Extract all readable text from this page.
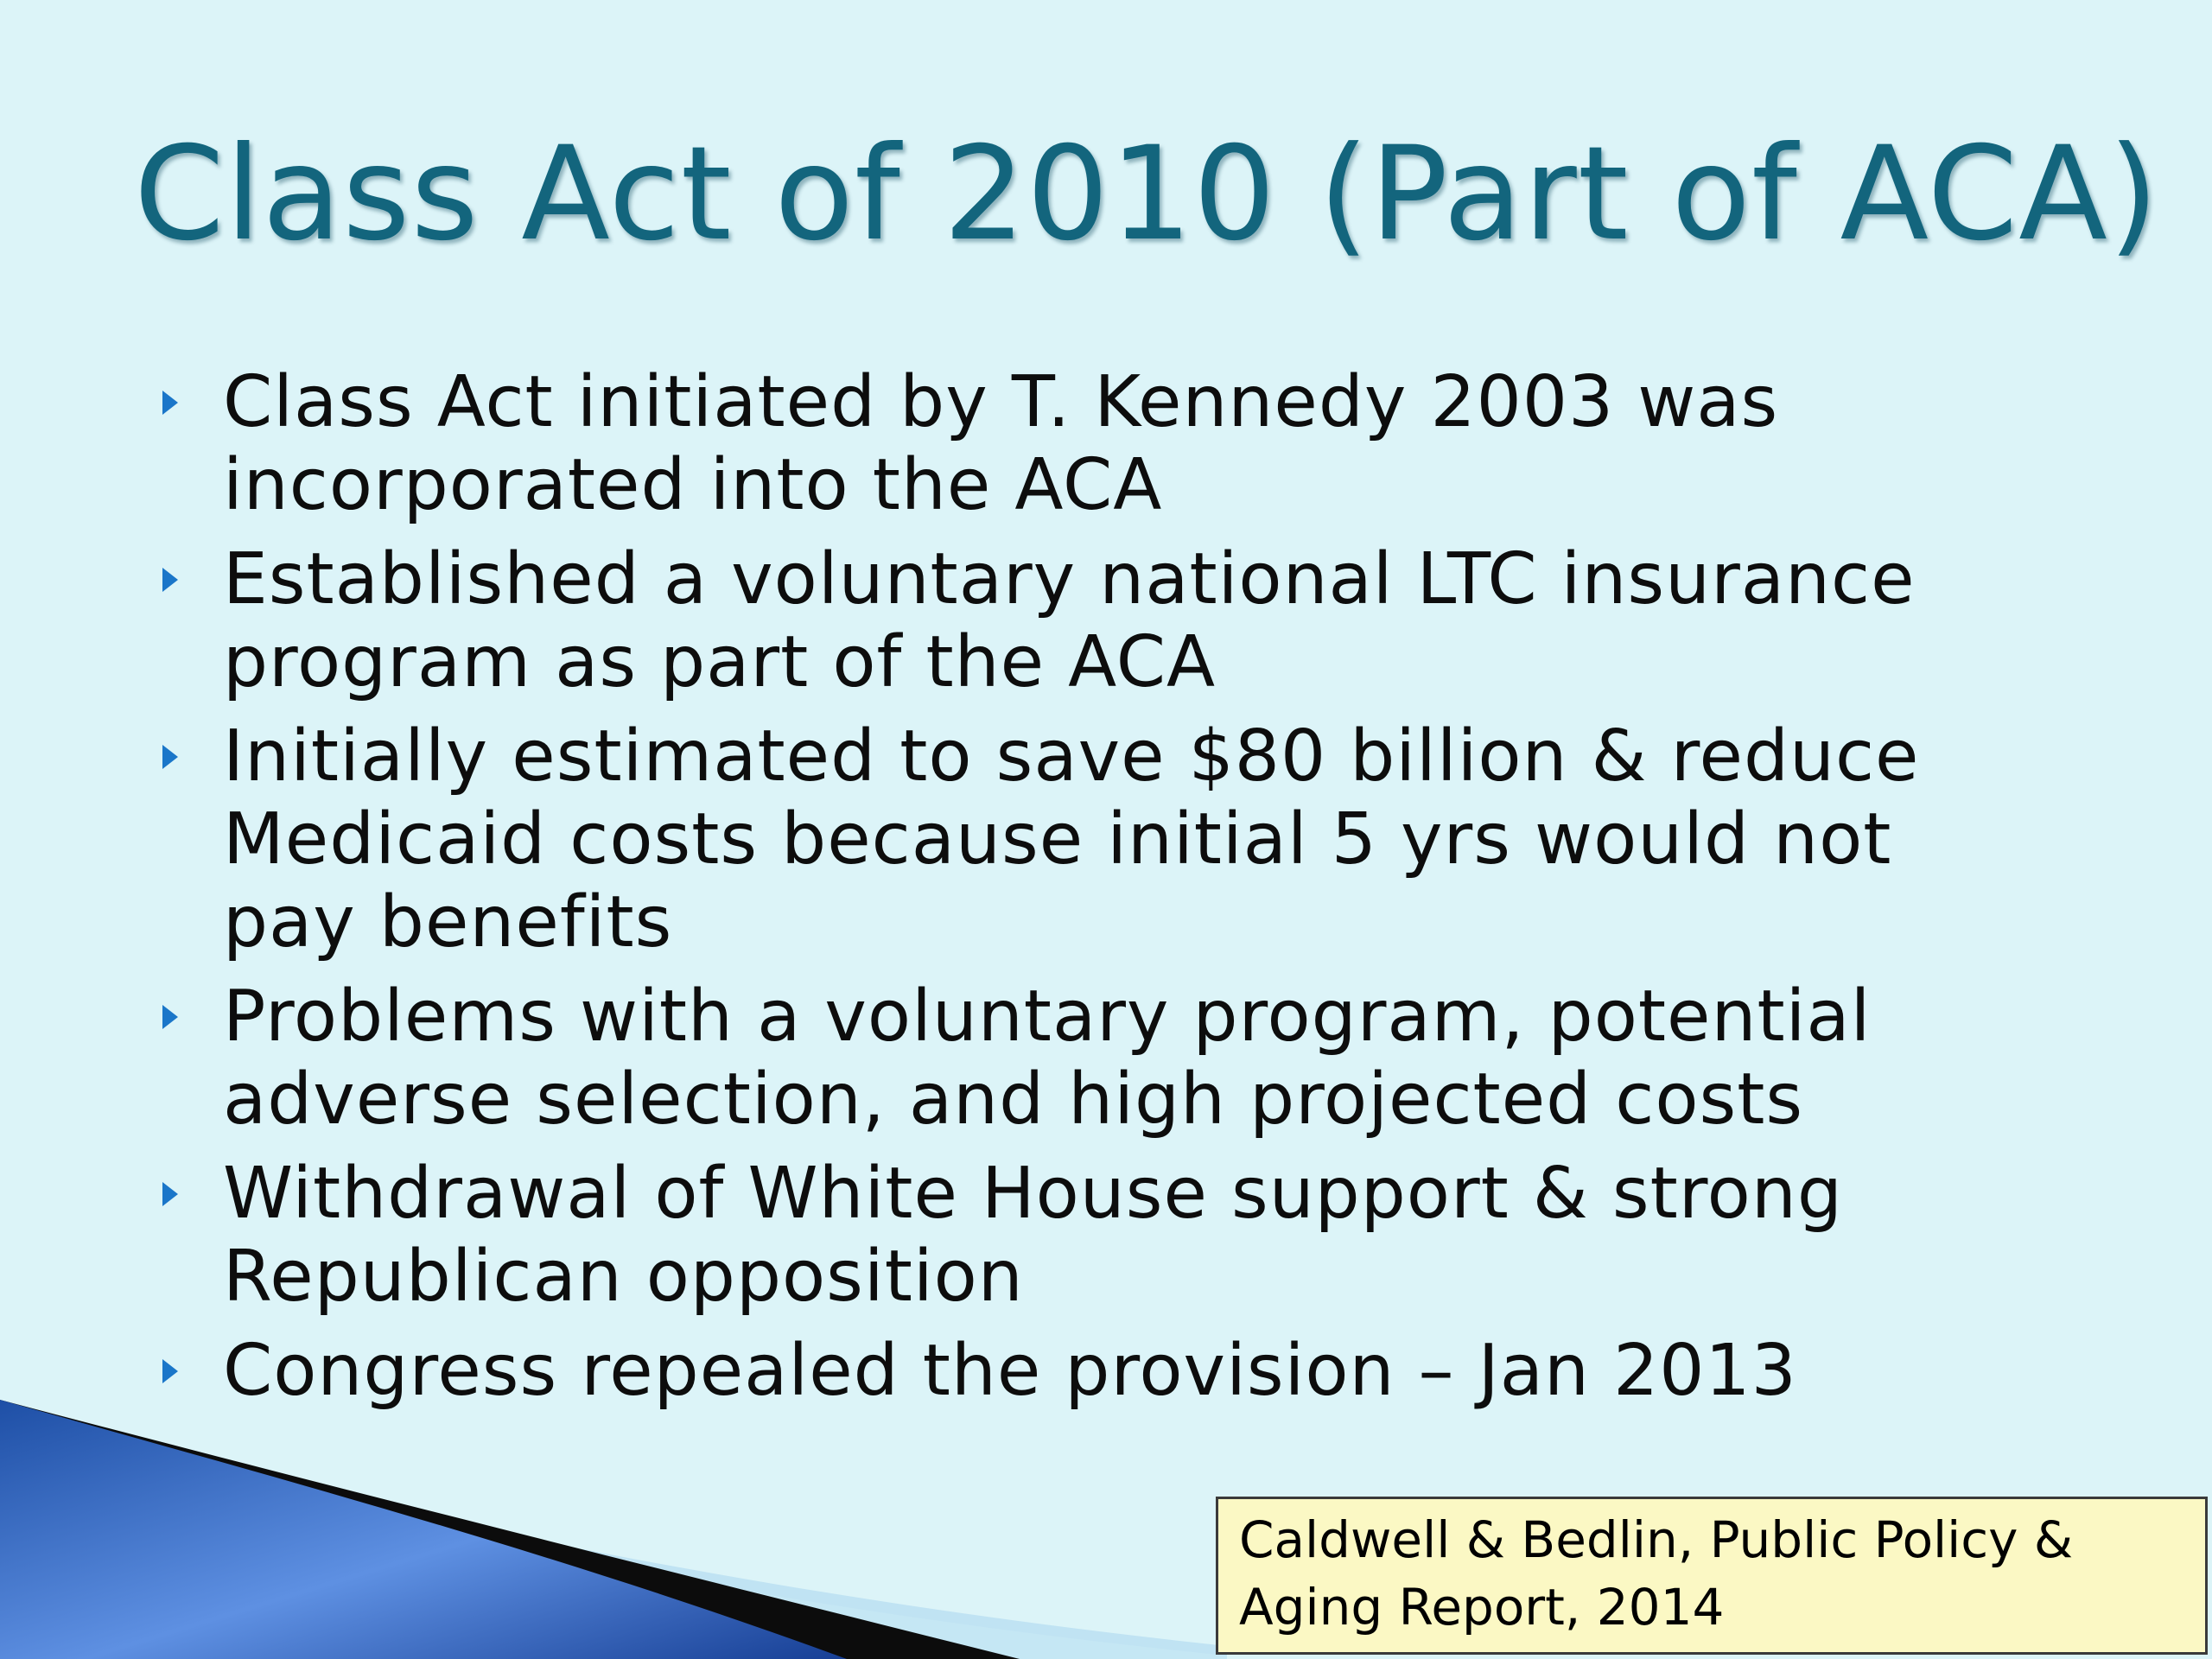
Class Act of 2010 (Part of ACA)
Class Act initiated by T. Kennedy 2003 was
incorporated into the ACA
Established a voluntary national LTC insurance
program as part of the ACA
Initially estimated to save $80 billion & reduce
Medicaid costs because initial 5 yrs would not
pay benefits
Problems with a voluntary program, potential
adverse selection, and high projected costs
Withdrawal of White House support & strong
Republican opposition
Congress repealed the provision – Jan 2013
Caldwell & Bedlin, Public Policy &
Aging Report, 2014
